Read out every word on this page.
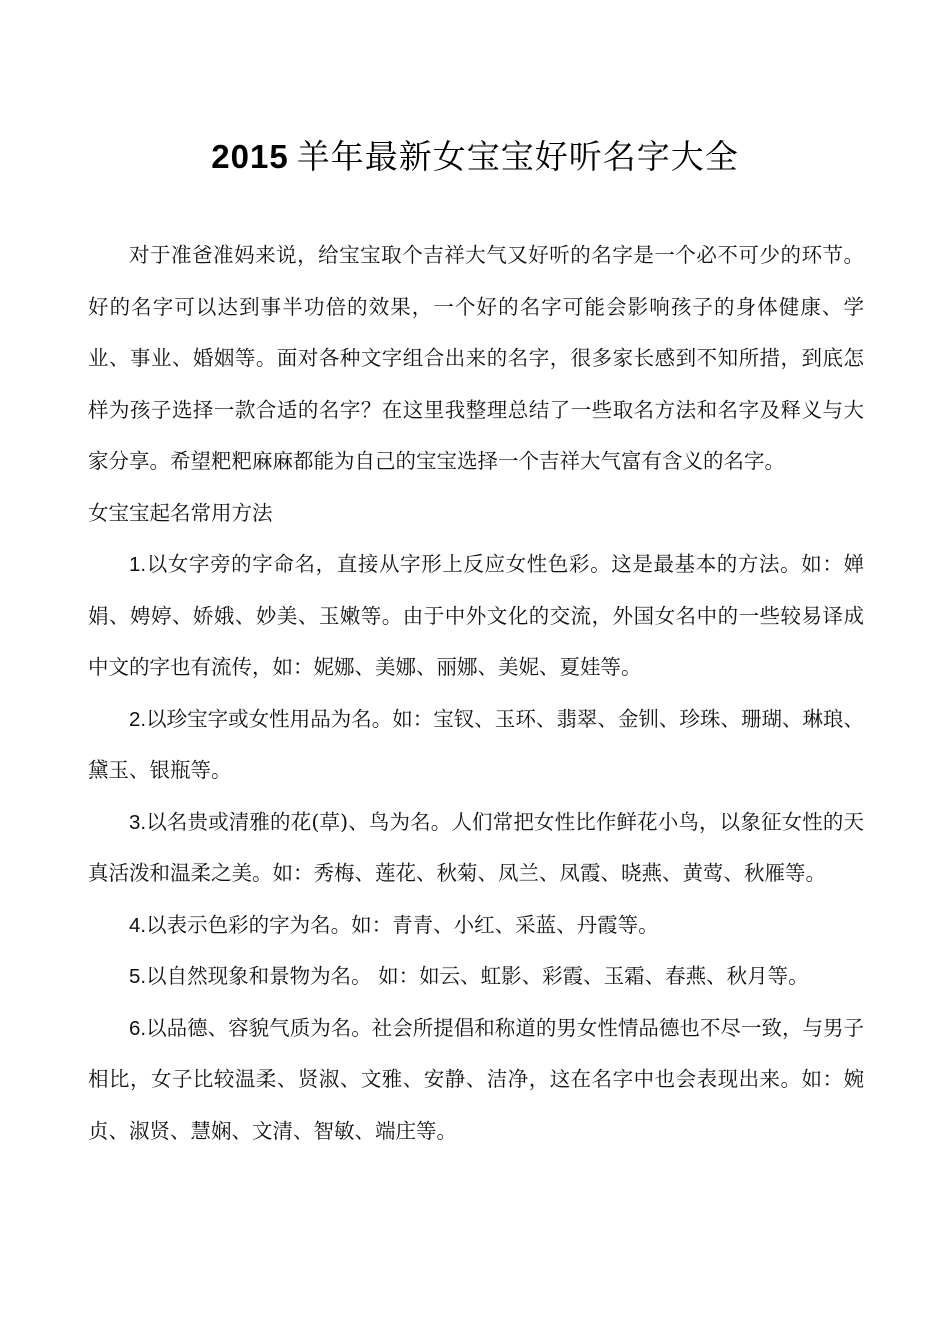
2015 羊年最新女宝宝好听名字大全

对于准爸准妈来说，给宝宝取个吉祥大气又好听的名字是一个必不可少的环节。好的名字可以达到事半功倍的效果，一个好的名字可能会影响孩子的身体健康、学业、事业、婚姻等。面对各种文字组合出来的名字，很多家长感到不知所措，到底怎样为孩子选择一款合适的名字？在这里我整理总结了一些取名方法和名字及释义与大家分享。希望粑粑麻麻都能为自己的宝宝选择一个吉祥大气富有含义的名字。

女宝宝起名常用方法

1.以女字旁的字命名，直接从字形上反应女性色彩。这是最基本的方法。如：婵娟、娉婷、娇娥、妙美、玉嫩等。由于中外文化的交流，外国女名中的一些较易译成中文的字也有流传，如：妮娜、美娜、丽娜、美妮、夏娃等。

2.以珍宝字或女性用品为名。如：宝钗、玉环、翡翠、金钏、珍珠、珊瑚、琳琅、黛玉、银瓶等。

3.以名贵或清雅的花(草)、鸟为名。人们常把女性比作鲜花小鸟，以象征女性的天真活泼和温柔之美。如：秀梅、莲花、秋菊、凤兰、凤霞、晓燕、黄莺、秋雁等。

4.以表示色彩的字为名。如：青青、小红、采蓝、丹霞等。

5.以自然现象和景物为名。 如：如云、虹影、彩霞、玉霜、春燕、秋月等。

6.以品德、容貌气质为名。社会所提倡和称道的男女性情品德也不尽一致，与男子相比，女子比较温柔、贤淑、文雅、安静、洁净，这在名字中也会表现出来。如：婉贞、淑贤、慧娴、文清、智敏、端庄等。
